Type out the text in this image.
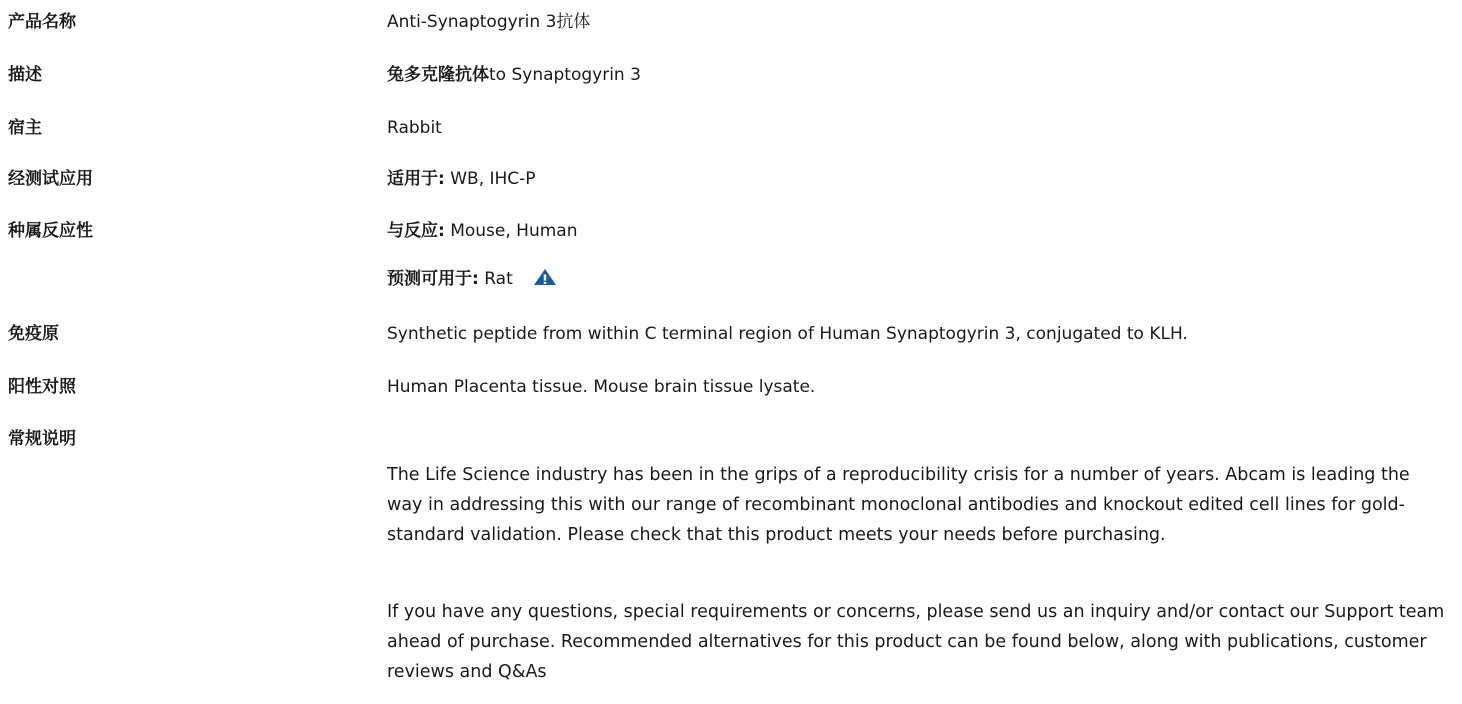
产品名称	Anti-Synaptogyrin 3抗体
描述	兔多克隆抗体to Synaptogyrin 3
宿主	Rabbit
经测试应用	适用于: WB, IHC-P
种属反应性	与反应: Mouse, Human
预测可用于: Rat
免疫原	Synthetic peptide from within C terminal region of Human Synaptogyrin 3, conjugated to KLH.
阳性对照	Human Placenta tissue. Mouse brain tissue lysate.
常规说明

The Life Science industry has been in the grips of a reproducibility crisis for a number of years. Abcam is leading the way in addressing this with our range of recombinant monoclonal antibodies and knockout edited cell lines for gold-standard validation. Please check that this product meets your needs before purchasing.

If you have any questions, special requirements or concerns, please send us an inquiry and/or contact our Support team ahead of purchase. Recommended alternatives for this product can be found below, along with publications, customer reviews and Q&As
